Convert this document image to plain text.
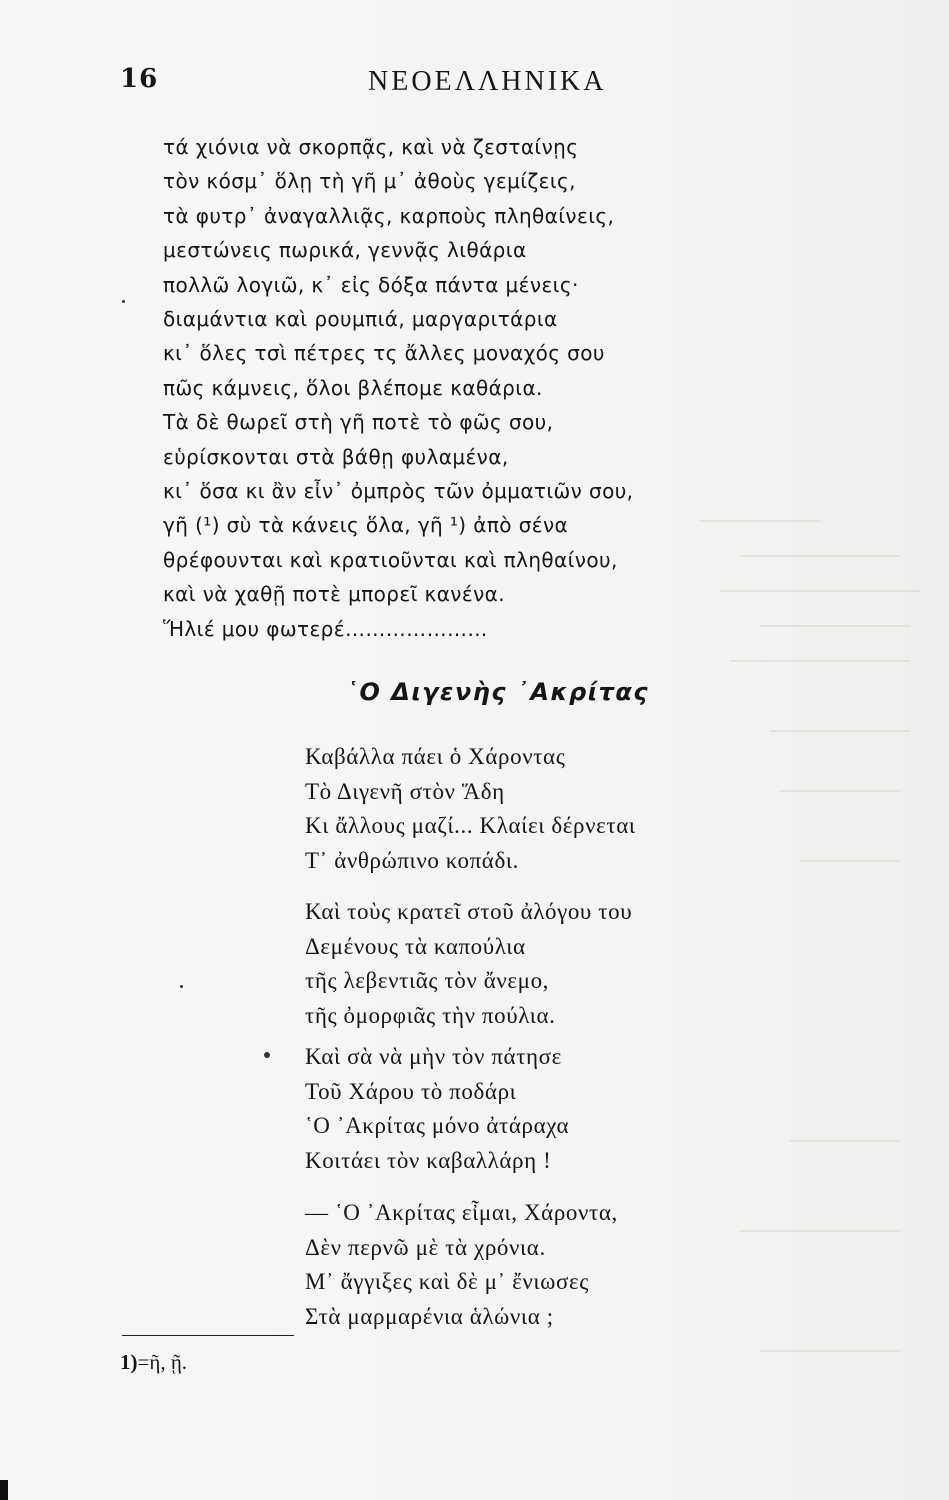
16	ΝΕΟΕΛΛΗΝΙΚΑ
τά χιόνια νὰ σκορπᾷς, καὶ νὰ ζεσταίνῃς
τὸν κόσμ᾽ ὅλῃ τὴ γῆ μ᾽ ἀθοὺς γεμίζεις,
τὰ φυτρ᾽ ἀναγαλλιᾷς, καρποὺς πληθαίνεις,
μεστώνεις πωρικά, γεννᾷς λιθάρια
πολλῶ λογιῶ, κ᾽ εἰς δόξα πάντα μένεις·
διαμάντια καὶ ρουμπιά, μαργαριτάρια
κι᾽ ὅλες τσὶ πέτρες τς ἄλλες μοναχός σου
πῶς κάμνεις, ὅλοι βλέπομε καθάρια.
Τὰ δὲ θωρεῖ στὴ γῆ ποτὲ τὸ φῶς σου,
εὑρίσκονται στὰ βάθῃ φυλαμένα,
κι᾽ ὅσα κι ἂν εἶν᾽ ὀμπρὸς τῶν ὀμματιῶν σου,
γῆ (¹) σὺ τὰ κάνεις ὅλα, γῆ ¹) ἀπὸ σένα
θρέφουνται καὶ κρατιοῦνται καὶ πληθαίνου,
καὶ νὰ χαθῇ ποτὲ μπορεῖ κανένα.
Ἥλιέ μου φωτερέ…………………
῾Ο Διγενὴς ᾿Ακρίτας
Καβάλλα πάει ὁ Χάροντας
Τὸ Διγενῆ στὸν Ἅδη
Κι ἄλλους μαζί... Κλαίει δέρνεται
Τ᾽ ἀνθρώπινο κοπάδι.
Καὶ τοὺς κρατεῖ στοῦ ἀλόγου του
Δεμένους τὰ καπούλια
τῆς λεβεντιᾶς τὸν ἄνεμο,
τῆς ὀμορφιᾶς τὴν πούλια.
Καὶ σὰ νὰ μὴν τὸν πάτησε
Τοῦ Χάρου τὸ ποδάρι
῾Ο ᾿Ακρίτας μόνο ἀτάραχα
Κοιτάει τὸν καβαλλάρη !
— ῾Ο ᾿Ακρίτας εἶμαι, Χάροντα,
Δὲν περνῶ μὲ τὰ χρόνια.
Μ᾽ ἄγγιξες καὶ δὲ μ᾽ ἔνιωσες
Στὰ μαρμαρένια ἁλώνια ;
1)=ῆ, ῇ.
